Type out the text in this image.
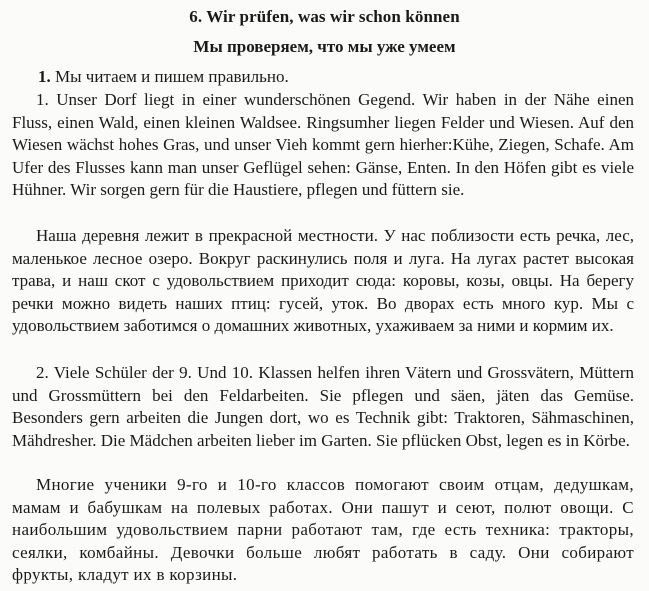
6. Wir prüfen, was wir schon können
Мы проверяем, что мы уже умеем
1. Мы читаем и пишем правильно.

1. Unser Dorf liegt in einer wunderschönen Gegend. Wir haben in der Nähe einen Fluss, einen Wald, einen kleinen Waldsee. Ringsumher liegen Felder und Wiesen. Auf den Wiesen wächst hohes Gras, und unser Vieh kommt gern hierher:Kühe, Ziegen, Schafe. Am Ufer des Flusses kann man unser Geflügel sehen: Gänse, Enten. In den Höfen gibt es viele Hühner. Wir sorgen gern für die Haustiere, pflegen und füttern sie.

Наша деревня лежит в прекрасной местности. У нас поблизости есть речка, лес, маленькое лесное озеро. Вокруг раскинулись поля и луга. На лугах растет высокая трава, и наш скот с удовольствием приходит сюда: коровы, козы, овцы. На берегу речки можно видеть наших птиц: гусей, уток. Во дворах есть много кур. Мы с удовольствием заботимся о домашних животных, ухаживаем за ними и кормим их.

2. Viele Schüler der 9. Und 10. Klassen helfen ihren Vätern und Grossvätern, Müttern und Grossmüttern bei den Feldarbeiten. Sie pflegen und säen, jäten das Gemüse. Besonders gern arbeiten die Jungen dort, wo es Technik gibt: Traktoren, Sähmaschinen, Mähdresher. Die Mädchen arbeiten lieber im Garten. Sie pflücken Obst, legen es in Körbe.

Многие ученики 9-го и 10-го классов помогают своим отцам, дедушкам, мамам и бабушкам на полевых работах. Они пашут и сеют, полют овощи. С наибольшим удовольствием парни работают там, где есть техника: тракторы, сеялки, комбайны. Девочки больше любят работать в саду. Они собирают фрукты, кладут их в корзины.
